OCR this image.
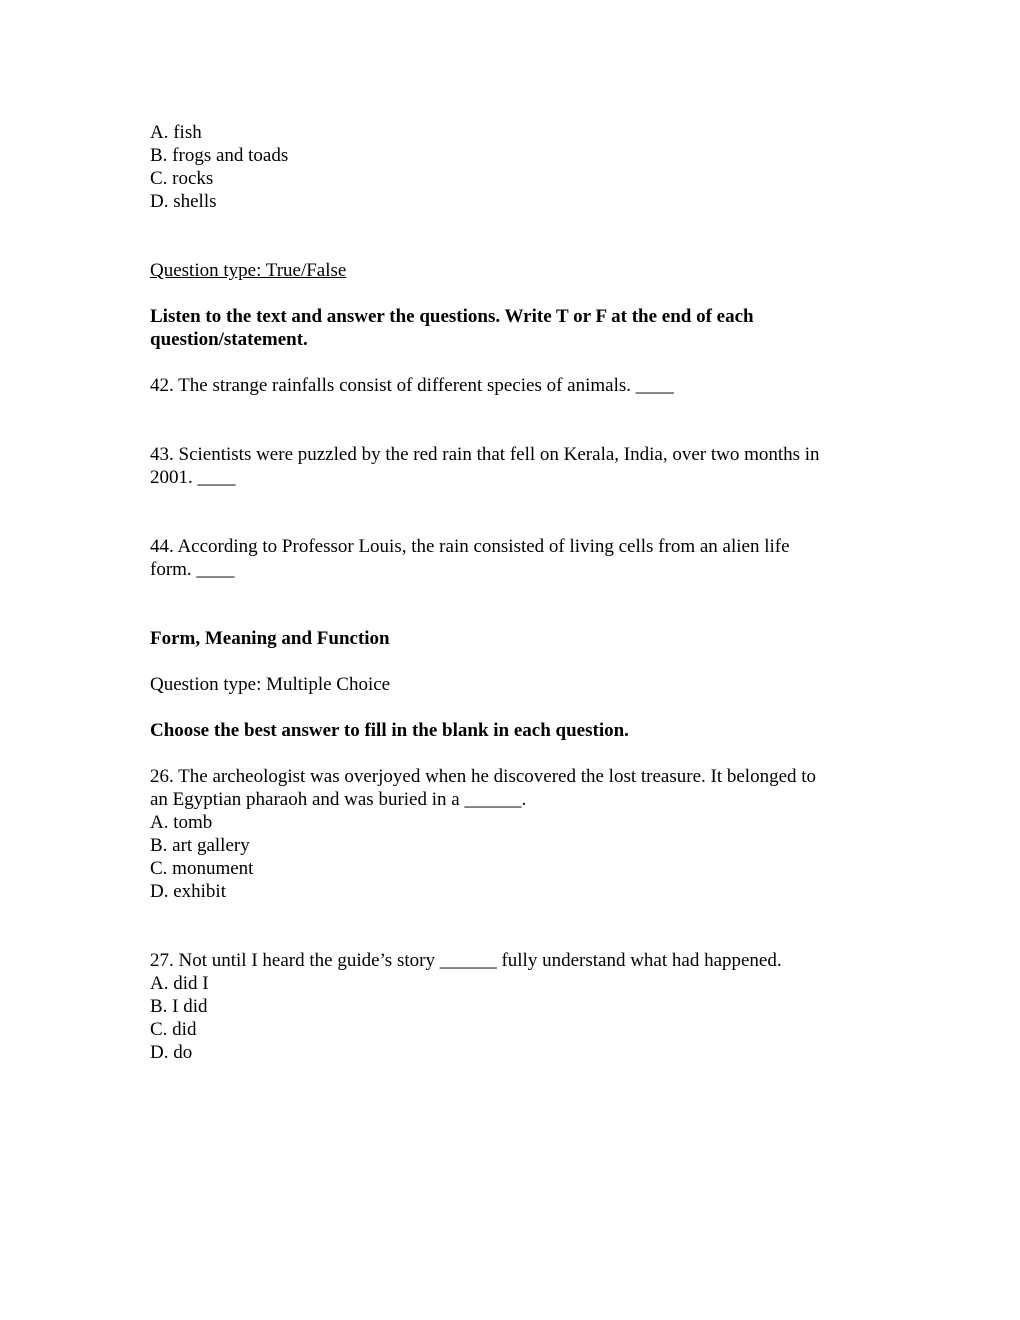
A. fish
B. frogs and toads
C. rocks
D. shells
Question type: True/False
Listen to the text and answer the questions. Write T or F at the end of each
question/statement.
42. The strange rainfalls consist of different species of animals. ____
43. Scientists were puzzled by the red rain that fell on Kerala, India, over two months in
2001. ____
44. According to Professor Louis, the rain consisted of living cells from an alien life
form. ____
Form, Meaning and Function
Question type: Multiple Choice
Choose the best answer to fill in the blank in each question.
26. The archeologist was overjoyed when he discovered the lost treasure. It belonged to
an Egyptian pharaoh and was buried in a ______.
A. tomb
B. art gallery
C. monument
D. exhibit
27. Not until I heard the guide’s story ______ fully understand what had happened.
A. did I
B. I did
C. did
D. do
